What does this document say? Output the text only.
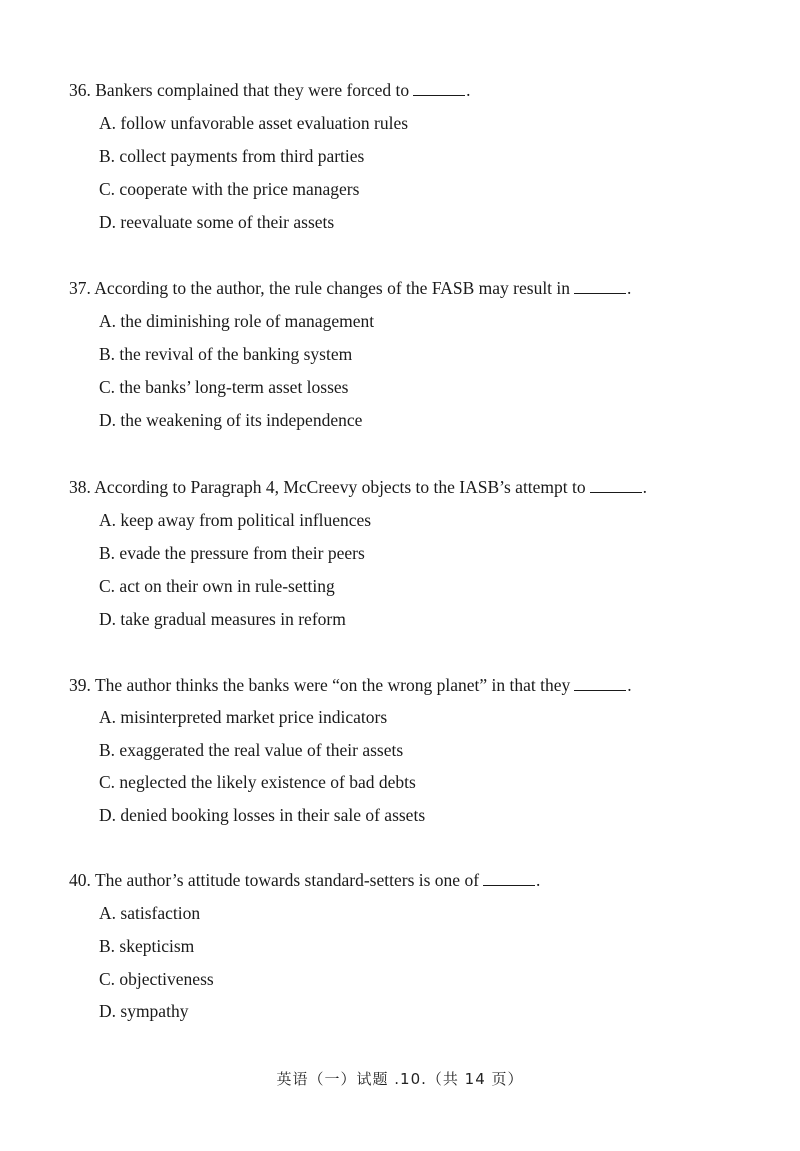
36. Bankers complained that they were forced to	.
A. follow unfavorable asset evaluation rules
B. collect payments from third parties
C. cooperate with the price managers
D. reevaluate some of their assets
37. According to the author, the rule changes of the FASB may result in	.
A. the diminishing role of management
B. the revival of the banking system
C. the banks’ long-term asset losses
D. the weakening of its independence
38. According to Paragraph 4, McCreevy objects to the IASB’s attempt to	.
A. keep away from political influences
B. evade the pressure from their peers
C. act on their own in rule-setting
D. take gradual measures in reform
39. The author thinks the banks were “on the wrong planet” in that they	.
A. misinterpreted market price indicators
B. exaggerated the real value of their assets
C. neglected the likely existence of bad debts
D. denied booking losses in their sale of assets
40. The author’s attitude towards standard-setters is one of	.
A. satisfaction
B. skepticism
C. objectiveness
D. sympathy
英语（一）试题 .10.（共 14 页）
